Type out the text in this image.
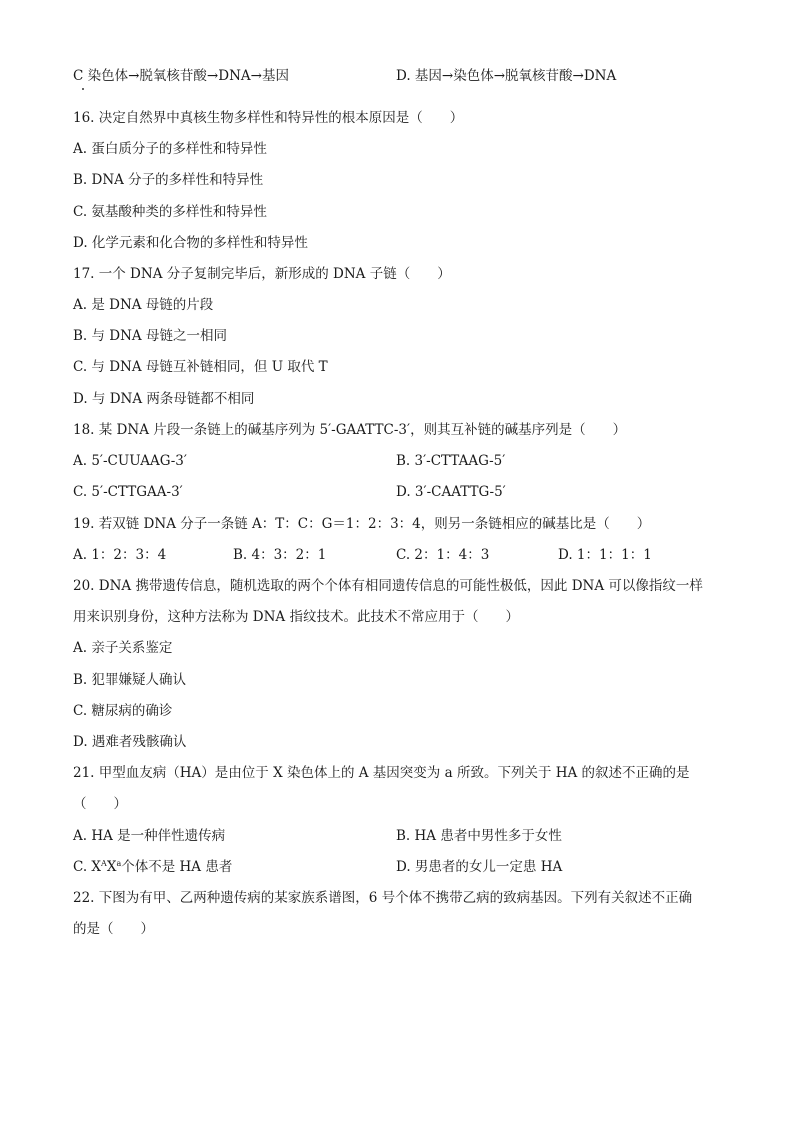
C 染色体→脱氧核苷酸→DNA→基因	D. 基因→染色体→脱氧核苷酸→DNA
16. 决定自然界中真核生物多样性和特异性的根本原因是（　　）
A. 蛋白质分子的多样性和特异性
B. DNA 分子的多样性和特异性
C. 氨基酸种类的多样性和特异性
D. 化学元素和化合物的多样性和特异性
17. 一个 DNA 分子复制完毕后，新形成的 DNA 子链（　　）
A. 是 DNA 母链的片段
B. 与 DNA 母链之一相同
C. 与 DNA 母链互补链相同，但 U 取代 T
D. 与 DNA 两条母链都不相同
18. 某 DNA 片段一条链上的碱基序列为 5′-GAATTC-3′，则其互补链的碱基序列是（　　）
A. 5′-CUUAAG-3′	B. 3′-CTTAAG-5′
C. 5′-CTTGAA-3′	D. 3′-CAATTG-5′
19. 若双链 DNA 分子一条链 A：T：C：G＝1：2：3：4，则另一条链相应的碱基比是（　　）
A. 1：2：3：4	B. 4：3：2：1	C. 2：1：4：3	D. 1：1：1：1
20. DNA 携带遗传信息，随机选取的两个个体有相同遗传信息的可能性极低，因此 DNA 可以像指纹一样
用来识别身份，这种方法称为 DNA 指纹技术。此技术不常应用于（　　）
A. 亲子关系鉴定
B. 犯罪嫌疑人确认
C. 糖尿病的确诊
D. 遇难者残骸确认
21. 甲型血友病（HA）是由位于 X 染色体上的 A 基因突变为 a 所致。下列关于 HA 的叙述不正确的是
（　　）
A. HA 是一种伴性遗传病	B. HA 患者中男性多于女性
C. $X^AX^a$个体不是 HA 患者	D. 男患者的女儿一定患 HA
22. 下图为有甲、乙两种遗传病的某家族系谱图，6 号个体不携带乙病的致病基因。下列有关叙述不正确
的是（　　）
